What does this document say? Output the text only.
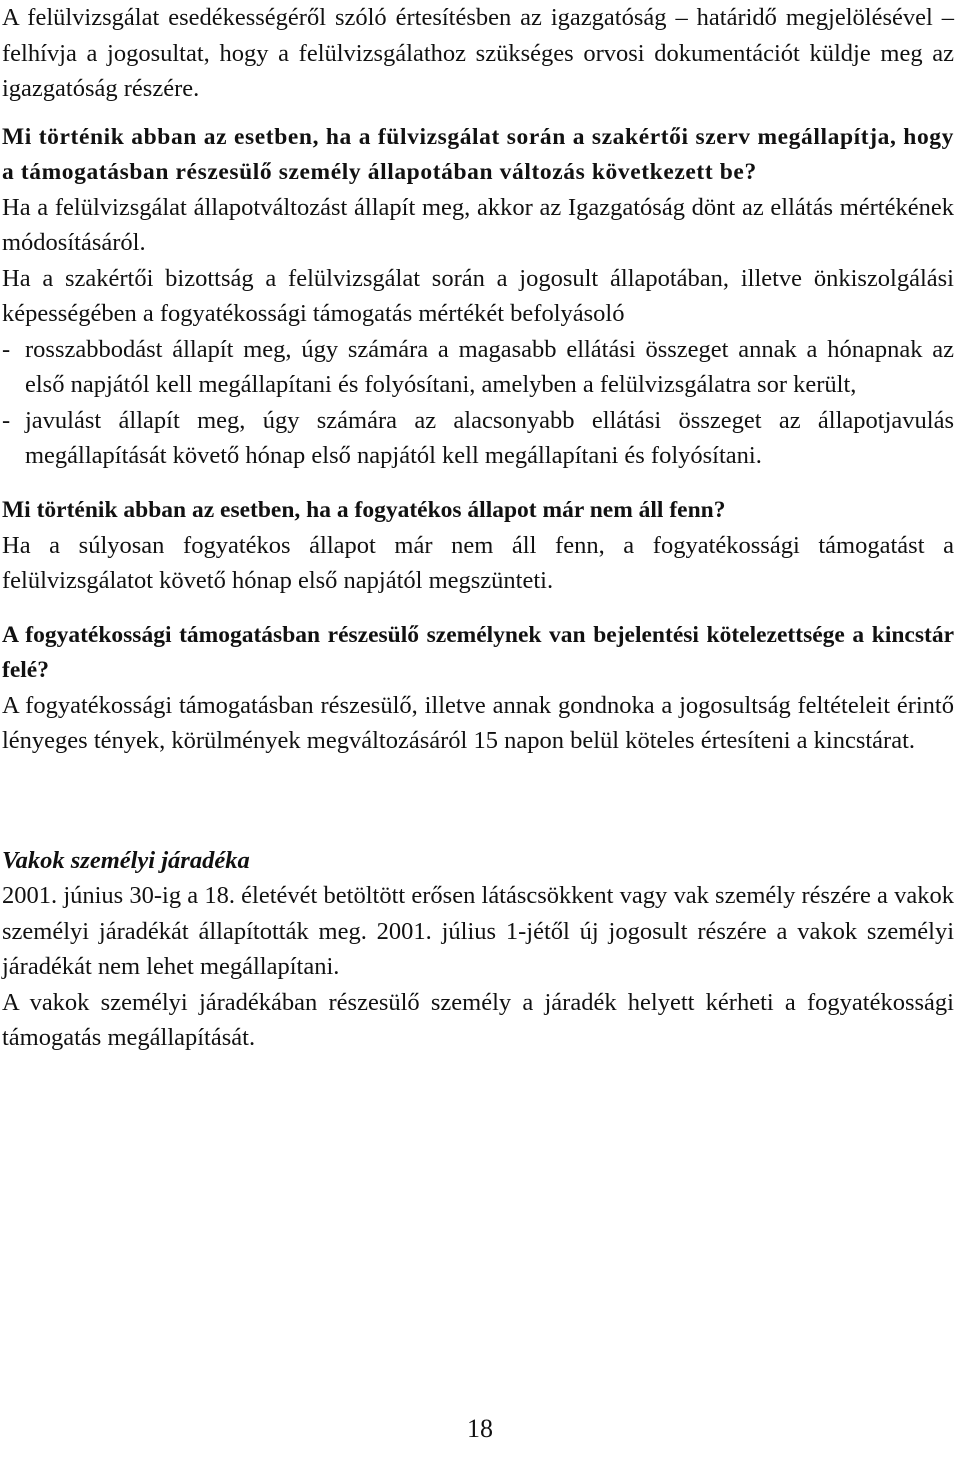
A felülvizsgálat esedékességéről szóló értesítésben az igazgatóság – határidő megjelölésével – felhívja a jogosultat, hogy a felülvizsgálathoz szükséges orvosi dokumentációt küldje meg az igazgatóság részére.

Mi történik abban az esetben, ha a fülvizsgálat során a szakértői szerv megállapítja, hogy a támogatásban részesülő személy állapotában változás következett be?

Ha a felülvizsgálat állapotváltozást állapít meg, akkor az Igazgatóság dönt az ellátás mértékének módosításáról.

Ha a szakértői bizottság a felülvizsgálat során a jogosult állapotában, illetve önkiszolgálási képességében a fogyatékossági támogatás mértékét befolyásoló

- rosszabbodást állapít meg, úgy számára a magasabb ellátási összeget annak a hónapnak az első napjától kell megállapítani és folyósítani, amelyben a felülvizsgálatra sor került,
- javulást állapít meg, úgy számára az alacsonyabb ellátási összeget az állapotjavulás megállapítását követő hónap első napjától kell megállapítani és folyósítani.

Mi történik abban az esetben, ha a fogyatékos állapot már nem áll fenn?

Ha a súlyosan fogyatékos állapot már nem áll fenn, a fogyatékossági támogatást a felülvizsgálatot követő hónap első napjától megszünteti.

A fogyatékossági támogatásban részesülő személynek van bejelentési kötelezettsége a kincstár felé?

A fogyatékossági támogatásban részesülő, illetve annak gondnoka a jogosultság feltételeit érintő lényeges tények, körülmények megváltozásáról 15 napon belül köteles értesíteni a kincstárat.

Vakok személyi járadéka

2001. június 30-ig a 18. életévét betöltött erősen látáscsökkent vagy vak személy részére a vakok személyi járadékát állapították meg. 2001. július 1-jétől új jogosult részére a vakok személyi járadékát nem lehet megállapítani.

A vakok személyi járadékában részesülő személy a járadék helyett kérheti a fogyatékossági támogatás megállapítását.

18
